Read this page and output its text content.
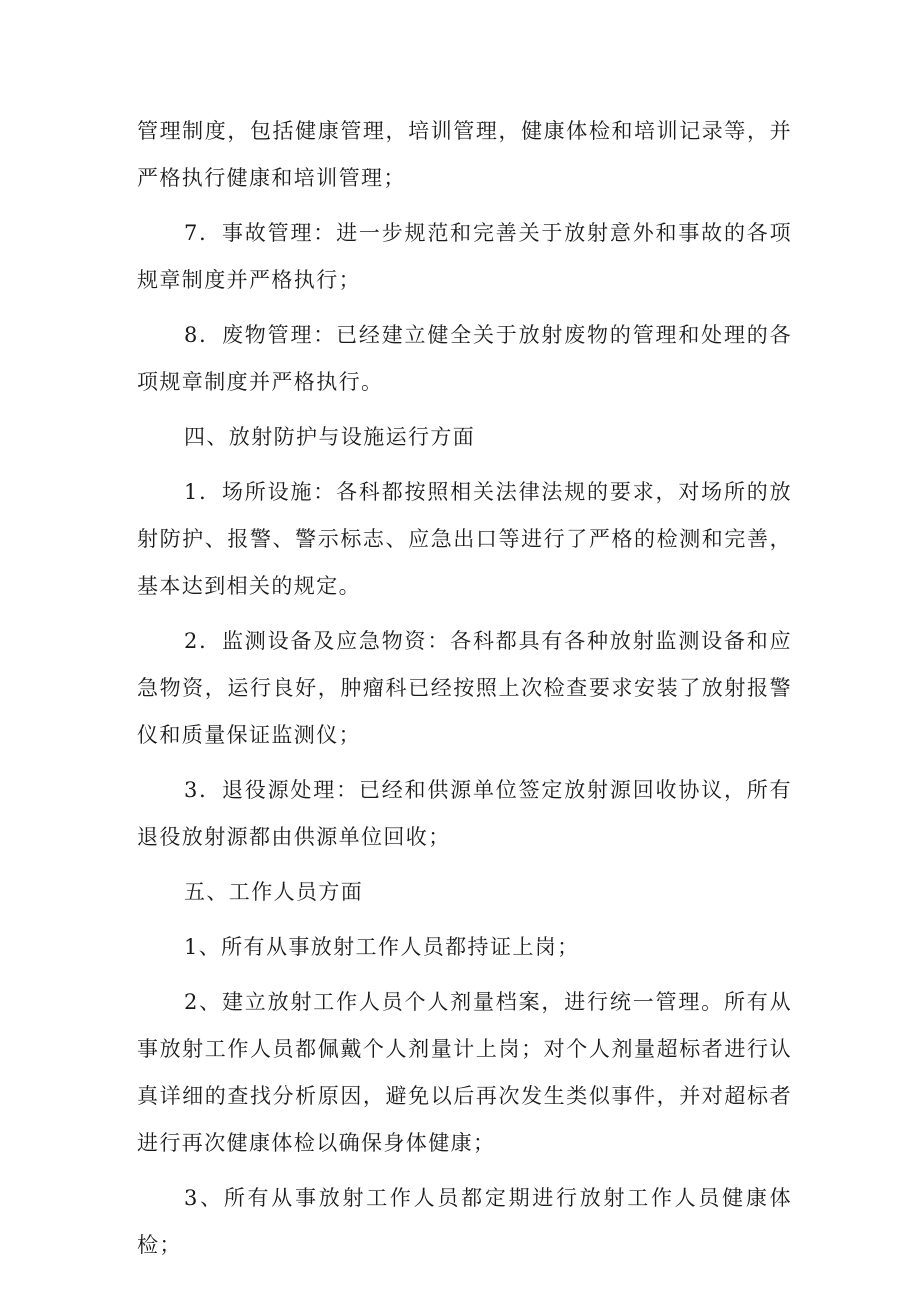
管理制度，包括健康管理，培训管理，健康体检和培训记录等，并严格执行健康和培训管理；

7．事故管理：进一步规范和完善关于放射意外和事故的各项规章制度并严格执行；

8．废物管理：已经建立健全关于放射废物的管理和处理的各项规章制度并严格执行。

四、放射防护与设施运行方面

1．场所设施：各科都按照相关法律法规的要求，对场所的放射防护、报警、警示标志、应急出口等进行了严格的检测和完善，基本达到相关的规定。

2．监测设备及应急物资：各科都具有各种放射监测设备和应急物资，运行良好，肿瘤科已经按照上次检查要求安装了放射报警仪和质量保证监测仪；

3．退役源处理：已经和供源单位签定放射源回收协议，所有退役放射源都由供源单位回收；

五、工作人员方面

1、所有从事放射工作人员都持证上岗；

2、建立放射工作人员个人剂量档案，进行统一管理。所有从事放射工作人员都佩戴个人剂量计上岗；对个人剂量超标者进行认真详细的查找分析原因，避免以后再次发生类似事件，并对超标者进行再次健康体检以确保身体健康；

3、所有从事放射工作人员都定期进行放射工作人员健康体检；
